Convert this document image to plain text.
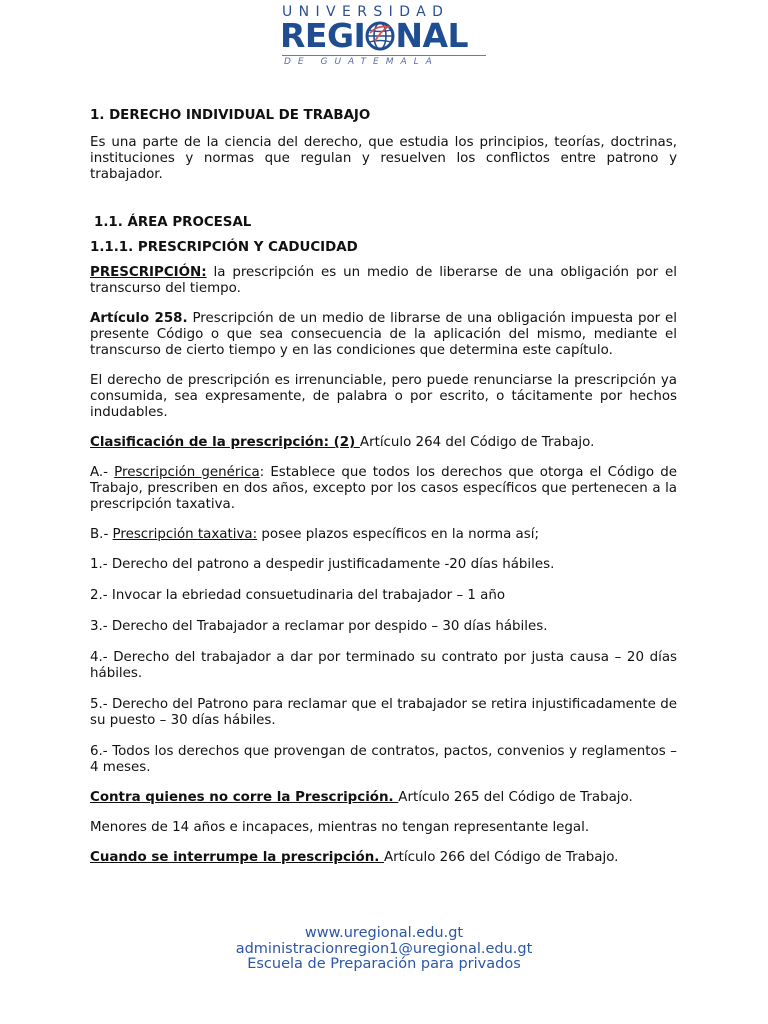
UNIVERSIDAD
REGI NAL
DE GUATEMALA

1. DERECHO INDIVIDUAL DE TRABAJO

Es una parte de la ciencia del derecho, que estudia los principios, teorías, doctrinas, instituciones y normas que regulan y resuelven los conflictos entre patrono y trabajador.

1.1. ÁREA PROCESAL

1.1.1. PRESCRIPCIÓN Y CADUCIDAD

PRESCRIPCIÓN: la prescripción es un medio de liberarse de una obligación por el transcurso del tiempo.

Artículo 258. Prescripción de un medio de librarse de una obligación impuesta por el presente Código o que sea consecuencia de la aplicación del mismo, mediante el transcurso de cierto tiempo y en las condiciones que determina este capítulo.

El derecho de prescripción es irrenunciable, pero puede renunciarse la prescripción ya consumida, sea expresamente, de palabra o por escrito, o tácitamente por hechos indudables.

Clasificación de la prescripción: (2) Artículo 264 del Código de Trabajo.

A.- Prescripción genérica: Establece que todos los derechos que otorga el Código de Trabajo, prescriben en dos años, excepto por los casos específicos que pertenecen a la prescripción taxativa.

B.- Prescripción taxativa: posee plazos específicos en la norma así;

1.- Derecho del patrono a despedir justificadamente -20 días hábiles.

2.- Invocar la ebriedad consuetudinaria del trabajador – 1 año

3.- Derecho del Trabajador a reclamar por despido – 30 días hábiles.

4.- Derecho del trabajador a dar por terminado su contrato por justa causa – 20 días hábiles.

5.- Derecho del Patrono para reclamar que el trabajador se retira injustificadamente de su puesto – 30 días hábiles.

6.- Todos los derechos que provengan de contratos, pactos, convenios y reglamentos – 4 meses.

Contra quienes no corre la Prescripción. Artículo 265 del Código de Trabajo.

Menores de 14 años e incapaces, mientras no tengan representante legal.

Cuando se interrumpe la prescripción. Artículo 266 del Código de Trabajo.

www.uregional.edu.gt
administracionregion1@uregional.edu.gt
Escuela de Preparación para privados
